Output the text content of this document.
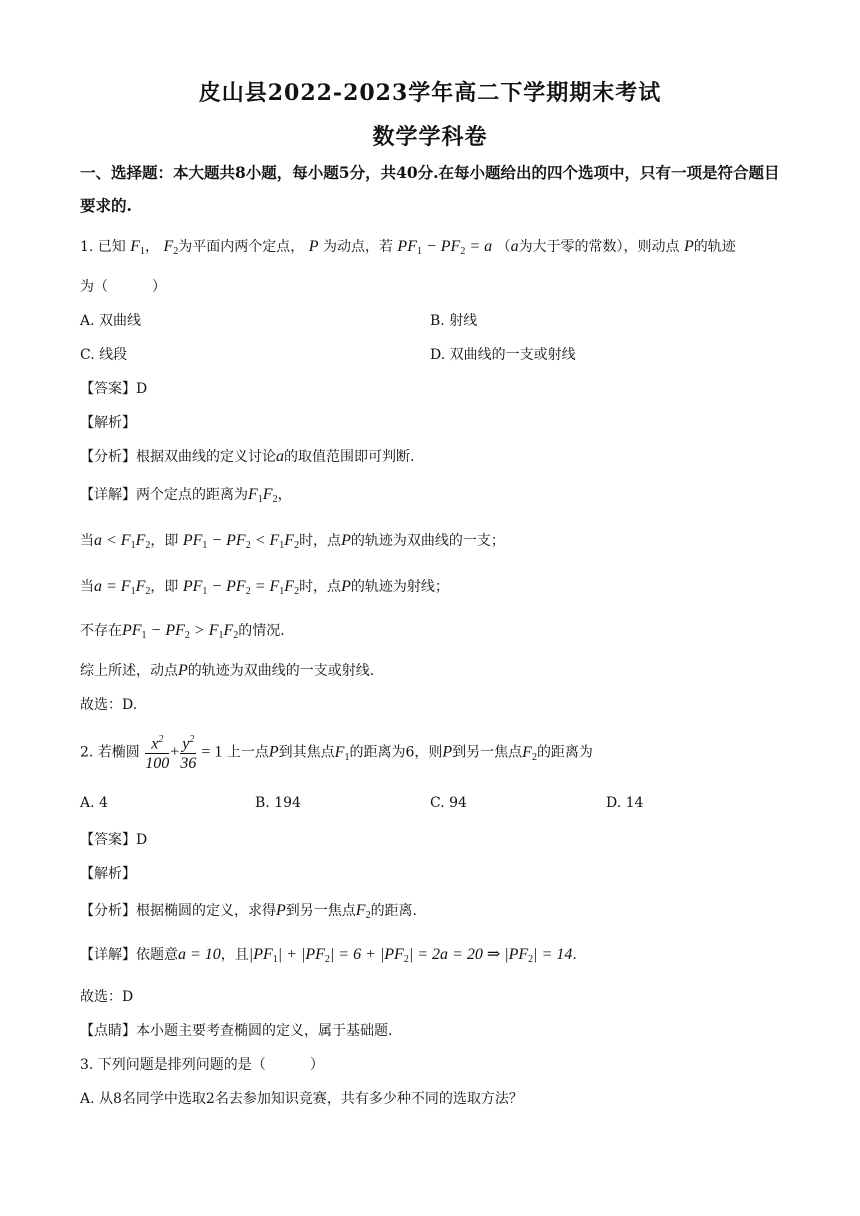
皮山县2022-2023学年高二下学期期末考试
数学学科卷
一、选择题：本大题共8小题，每小题5分，共40分.在每小题给出的四个选项中，只有一项是符合题目要求的.
1. 已知 $F_1$， $F_2$为平面内两个定点， P 为动点，若 $PF_1 - PF_2 = a$ （a为大于零的常数），则动点 P的轨迹
为（	）
A. 双曲线	B. 射线
C. 线段	D. 双曲线的一支或射线
【答案】D
【解析】
【分析】根据双曲线的定义讨论a的取值范围即可判断.
【详解】两个定点的距离为$F_1F_2$，
当$a < F_1F_2$，即 $PF_1 - PF_2 < F_1F_2$时，点P的轨迹为双曲线的一支；
当$a = F_1F_2$，即 $PF_1 - PF_2 = F_1F_2$时，点P的轨迹为射线；
不存在$PF_1 - PF_2 > F_1F_2$的情况.
综上所述，动点P的轨迹为双曲线的一支或射线.
故选：D.
2. 若椭圆 $\frac{x^2}{100} + \frac{y^2}{36} = 1$ 上一点P到其焦点$F_1$的距离为6，则P到另一焦点$F_2$的距离为
A. 4	B. 194	C. 94	D. 14
【答案】D
【解析】
【分析】根据椭圆的定义，求得P到另一焦点$F_2$的距离.
【详解】依题意a = 10，且$|PF_1| + |PF_2| = 6 + |PF_2| = 2a = 20$ ⇒ $|PF_2| = 14$.
故选：D
【点睛】本小题主要考查椭圆的定义，属于基础题.
3. 下列问题是排列问题的是（	）
A. 从8名同学中选取2名去参加知识竞赛，共有多少种不同的选取方法？
